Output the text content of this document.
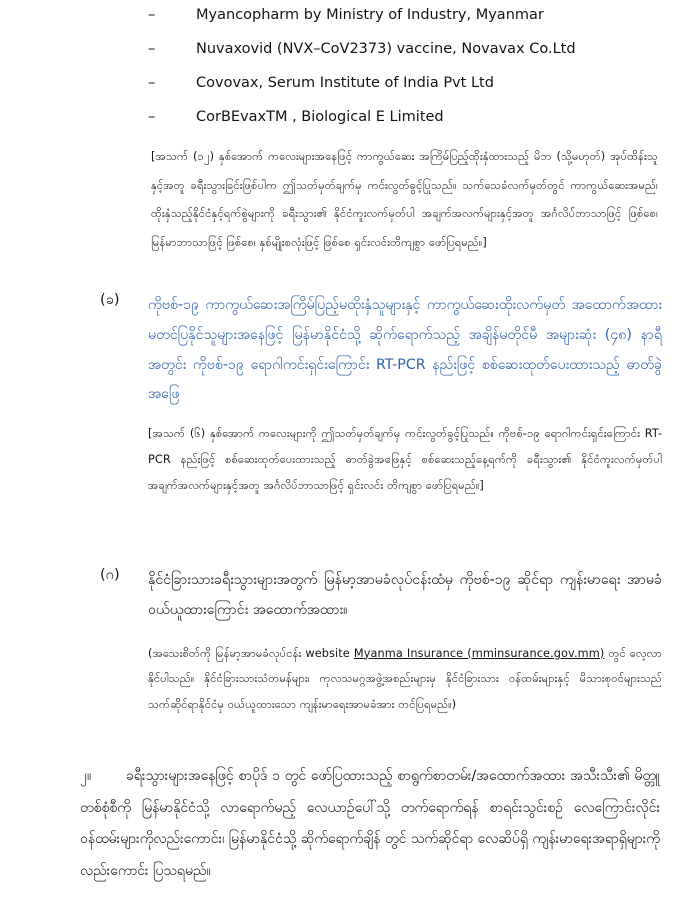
–	Myancopharm by Ministry of Industry, Myanmar
–	Nuvaxovid (NVX–CoV2373) vaccine, Novavax Co.Ltd
–	Covovax, Serum Institute of India Pvt Ltd
–	CorBEvaxTM , Biological E Limited
[အသက် (၁၂) နှစ်အောက် ကလေးများအနေဖြင့် ကာကွယ်ဆေး အကြိမ်ပြည့်ထိုးနှံထားသည့် မိဘ (သို့မဟုတ်) အုပ်ထိန်းသူနှင့်အတူ ခရီးသွားခြင်းဖြစ်ပါက ဤသတ်မှတ်ချက်မှ ကင်းလွတ်ခွင့်ပြုသည်။ သက်သေခံလက်မှတ်တွင် ကာကွယ်ဆေးအမည်၊ ထိုးနှံသည့်နိုင်ငံနှင့်ရက်စွဲများကို ခရီးသွား၏ နိုင်ငံကူးလက်မှတ်ပါ အချက်အလက်များနှင့်အတူ အင်္ဂလိပ်ဘာသာဖြင့် ဖြစ်စေ၊ မြန်မာဘာသာဖြင့် ဖြစ်စေ၊ နှစ်မျိုးစလုံးဖြင့် ဖြစ်စေ ရှင်းလင်းတိကျစွာ ဖော်ပြရမည်။]
(ခ) ကိုဗစ်-၁၉ ကာကွယ်ဆေးအကြိမ်ပြည့်မထိုးနှံသူများနှင့် ကာကွယ်ဆေးထိုးလက်မှတ် အထောက်အထား မတင်ပြနိုင်သူများအနေဖြင့် မြန်မာနိုင်ငံသို့ ဆိုက်ရောက်သည့် အချိန်မတိုင်မီ အများဆုံး (၄၈) နာရီအတွင်း ကိုဗစ်-၁၉ ရောဂါကင်းရှင်းကြောင်း RT-PCR နည်းဖြင့် စစ်ဆေးထုတ်ပေးထားသည့် ဓာတ်ခွဲ အဖြေ
[အသက် (၆) နှစ်အောက် ကလေးများကို ဤသတ်မှတ်ချက်မှ ကင်းလွတ်ခွင့်ပြုသည်။ ကိုဗစ်-၁၉ ရောဂါကင်းရှင်းကြောင်း RT-PCR နည်းဖြင့် စစ်ဆေးထုတ်ပေးထားသည့် ဓာတ်ခွဲအဖြေနှင့် စစ်ဆေးသည့်နေ့ရက်ကို ခရီးသွား၏ နိုင်ငံကူးလက်မှတ်ပါ အချက်အလက်များနှင့်အတူ အင်္ဂလိပ်ဘာသာဖြင့် ရှင်းလင်း တိကျစွာ ဖော်ပြရမည်။]
(ဂ) နိုင်ငံခြားသားခရီးသွားများအတွက် မြန်မာ့အာမခံလုပ်ငန်းထံမှ ကိုဗစ်-၁၉ ဆိုင်ရာ ကျန်းမာရေး အာမခံဝယ်ယူထားကြောင်း အထောက်အထား။
(အသေးစိတ်ကို မြန်မာ့အာမခံလုပ်ငန်း website Myanma Insurance (mminsurance.gov.mm) တွင် လေ့လာနိုင်ပါသည်။ နိုင်ငံခြားသားသံတမန်များ၊ ကုလသမဂ္ဂအဖွဲ့အစည်းများမှ နိုင်ငံခြားသား ဝန်ထမ်းများနှင့် မိသားစုဝင်များသည် သက်ဆိုင်ရာနိုင်ငံမှ ဝယ်ယူထားသော ကျန်းမာရေးအာမခံအား တင်ပြရမည်။)
၂။ ခရီးသွားများအနေဖြင့် စာပိုဒ် ၁ တွင် ဖော်ပြထားသည့် စာရွက်စာတမ်း/အထောက်အထား အသီးသီး၏ မိတ္တူတစ်စုံစီကို မြန်မာနိုင်ငံသို့ လာရောက်မည့် လေယာဉ်ပေါ်သို့ တက်ရောက်ရန် စာရင်းသွင်းစဉ် လေကြောင်းလိုင်းဝန်ထမ်းများကိုလည်းကောင်း၊ မြန်မာနိုင်ငံသို့ ဆိုက်ရောက်ချိန် တွင် သက်ဆိုင်ရာ လေဆိပ်ရှိ ကျန်းမာရေးအရာရှိများကိုလည်းကောင်း ပြသရမည်။
